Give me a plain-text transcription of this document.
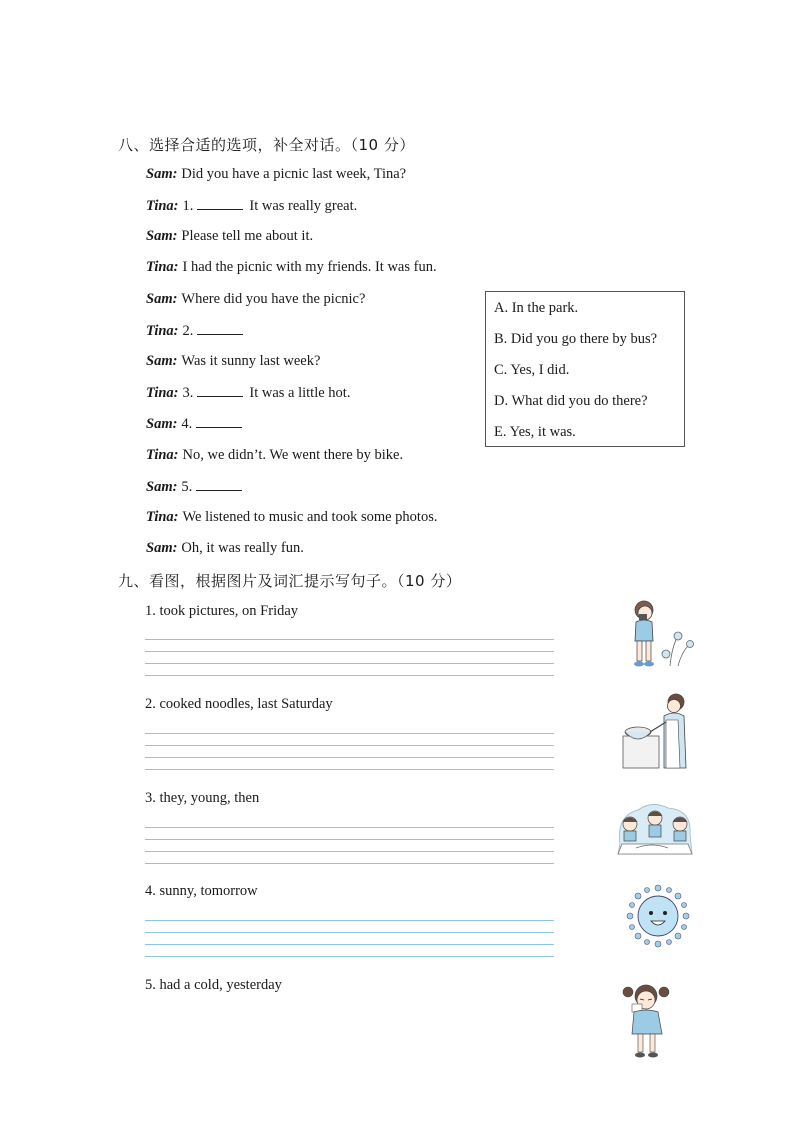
八、选择合适的选项，补全对话。（10 分）
Sam: Did you have a picnic last week, Tina?
Tina: 1.	It was really great.
Sam: Please tell me about it.
Tina: I had the picnic with my friends. It was fun.
Sam: Where did you have the picnic?
Tina: 2.
Sam: Was it sunny last week?
Tina: 3.	It was a little hot.
Sam: 4.
Tina: No, we didn’t. We went there by bike.
Sam: 5.
Tina: We listened to music and took some photos.
Sam: Oh, it was really fun.
A. In the park.
B. Did you go there by bus?
C. Yes, I did.
D. What did you do there?
E. Yes, it was.
九、看图，根据图片及词汇提示写句子。（10 分）
1. took pictures, on Friday
2. cooked noodles, last Saturday
3. they, young, then
4. sunny, tomorrow
5. had a cold, yesterday
